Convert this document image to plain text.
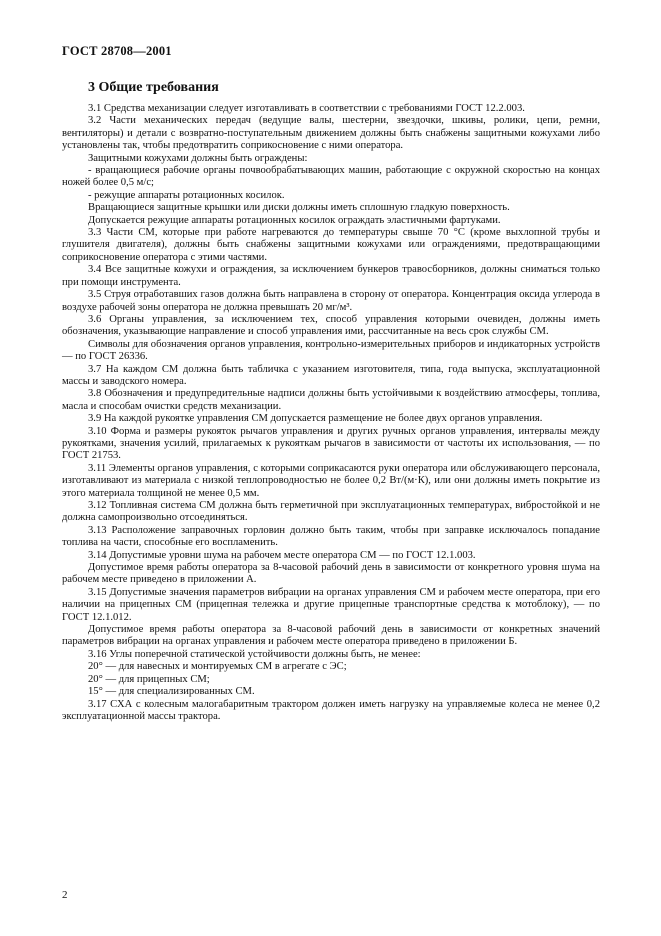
ГОСТ 28708—2001
3 Общие требования

3.1 Средства механизации следует изготавливать в соответствии с требованиями ГОСТ 12.2.003.

3.2 Части механических передач (ведущие валы, шестерни, звездочки, шкивы, ролики, цепи, ремни, вентиляторы) и детали с возвратно-поступательным движением должны быть снабжены защитными кожухами либо установлены так, чтобы предотвратить соприкосновение с ними оператора.

Защитными кожухами должны быть ограждены:

- вращающиеся рабочие органы почвообрабатывающих машин, работающие с окружной скоростью на концах ножей более 0,5 м/с;

- режущие аппараты ротационных косилок.

Вращающиеся защитные крышки или диски должны иметь сплошную гладкую поверхность.

Допускается режущие аппараты ротационных косилок ограждать эластичными фартуками.

3.3 Части СМ, которые при работе нагреваются до температуры свыше 70 °С (кроме выхлопной трубы и глушителя двигателя), должны быть снабжены защитными кожухами или ограждениями, предотвращающими соприкосновение оператора с этими частями.

3.4 Все защитные кожухи и ограждения, за исключением бункеров травосборников, должны сниматься только при помощи инструмента.

3.5 Струя отработавших газов должна быть направлена в сторону от оператора. Концентрация оксида углерода в воздухе рабочей зоны оператора не должна превышать 20 мг/м³.

3.6 Органы управления, за исключением тех, способ управления которыми очевиден, должны иметь обозначения, указывающие направление и способ управления ими, рассчитанные на весь срок службы СМ.

Символы для обозначения органов управления, контрольно-измерительных приборов и индикаторных устройств — по ГОСТ 26336.

3.7 На каждом СМ должна быть табличка с указанием изготовителя, типа, года выпуска, эксплуатационной массы и заводского номера.

3.8 Обозначения и предупредительные надписи должны быть устойчивыми к воздействию атмосферы, топлива, масла и способам очистки средств механизации.

3.9 На каждой рукоятке управления СМ допускается размещение не более двух органов управления.

3.10 Форма и размеры рукояток рычагов управления и других ручных органов управления, интервалы между рукоятками, значения усилий, прилагаемых к рукояткам рычагов в зависимости от частоты их использования, — по ГОСТ 21753.

3.11 Элементы органов управления, с которыми соприкасаются руки оператора или обслуживающего персонала, изготавливают из материала с низкой теплопроводностью не более 0,2 Вт/(м·К), или они должны иметь покрытие из этого материала толщиной не менее 0,5 мм.

3.12 Топливная система СМ должна быть герметичной при эксплуатационных температурах, вибростойкой и не должна самопроизвольно отсоединяться.

3.13 Расположение заправочных горловин должно быть таким, чтобы при заправке исключалось попадание топлива на части, способные его воспламенить.

3.14 Допустимые уровни шума на рабочем месте оператора СМ — по ГОСТ 12.1.003.

Допустимое время работы оператора за 8-часовой рабочий день в зависимости от конкретного уровня шума на рабочем месте приведено в приложении А.

3.15 Допустимые значения параметров вибрации на органах управления СМ и рабочем месте оператора, при его наличии на прицепных СМ (прицепная тележка и другие прицепные транспортные средства к мотоблоку), — по ГОСТ 12.1.012.

Допустимое время работы оператора за 8-часовой рабочий день в зависимости от конкретных значений параметров вибрации на органах управления и рабочем месте оператора приведено в приложении Б.

3.16 Углы поперечной статической устойчивости должны быть, не менее:

20° — для навесных и монтируемых СМ в агрегате с ЭС;

20° — для прицепных СМ;

15° — для специализированных СМ.

3.17 СХА с колесным малогабаритным трактором должен иметь нагрузку на управляемые колеса не менее 0,2 эксплуатационной массы трактора.

2
